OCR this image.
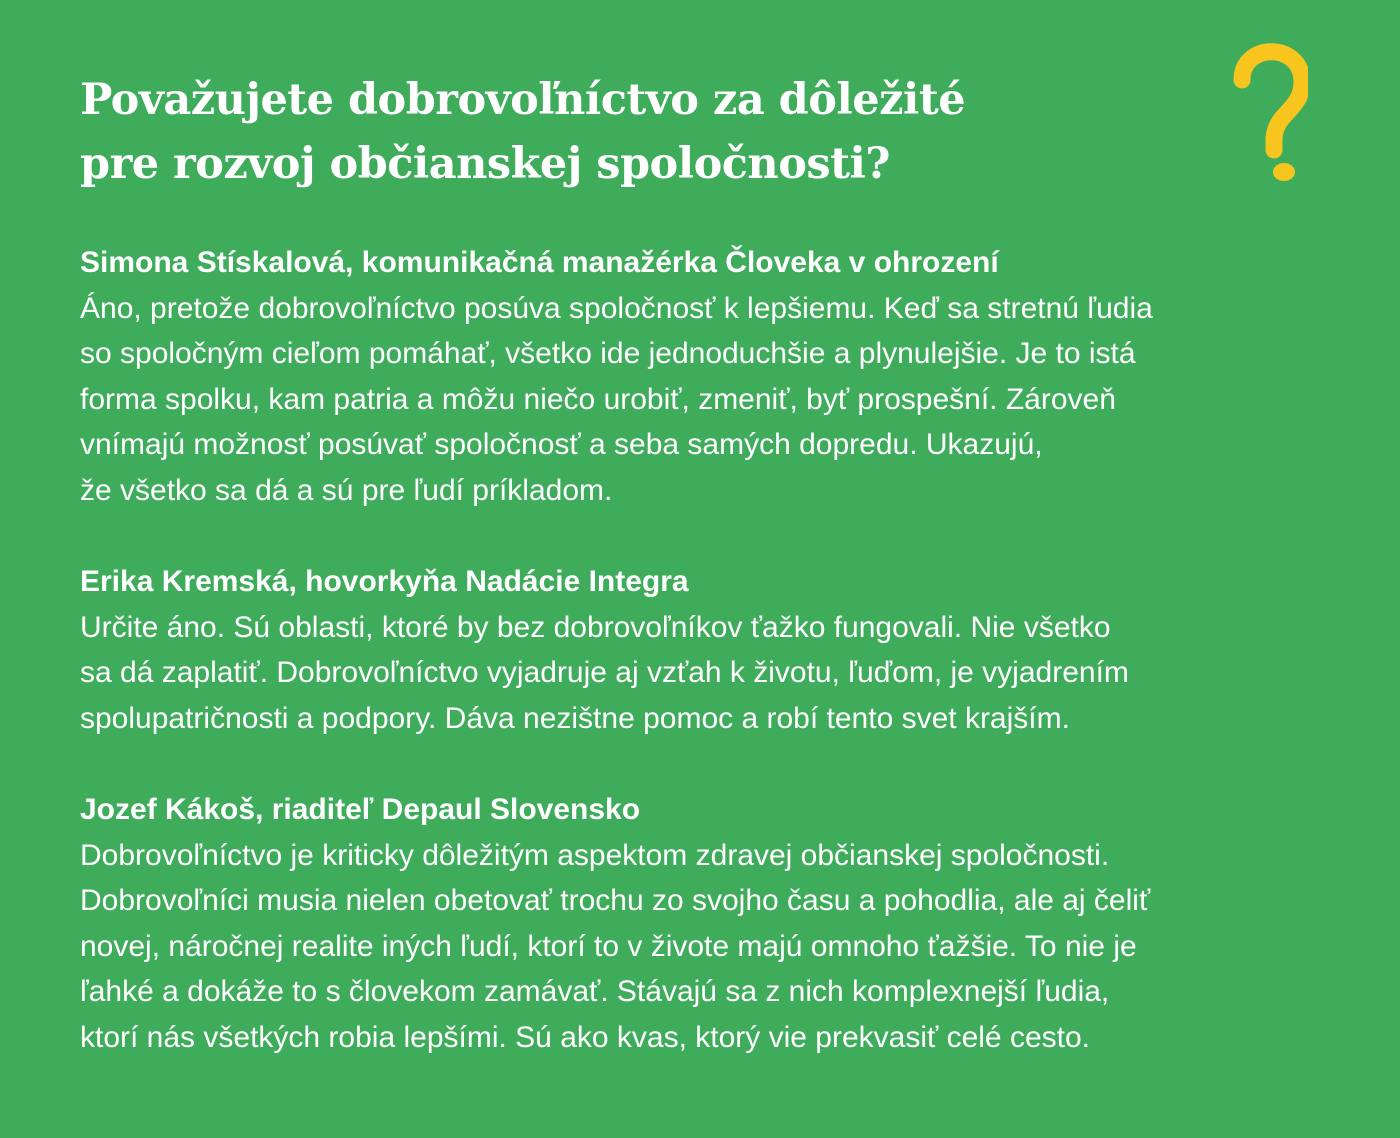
Považujete dobrovoľníctvo za dôležité
pre rozvoj občianskej spoločnosti?

Simona Stískalová, komunikačná manažérka Človeka v ohrození
Áno, pretože dobrovoľníctvo posúva spoločnosť k lepšiemu. Keď sa stretnú ľudia
so spoločným cieľom pomáhať, všetko ide jednoduchšie a plynulejšie. Je to istá
forma spolku, kam patria a môžu niečo urobiť, zmeniť, byť prospešní. Zároveň
vnímajú možnosť posúvať spoločnosť a seba samých dopredu. Ukazujú,
že všetko sa dá a sú pre ľudí príkladom.

Erika Kremská, hovorkyňa Nadácie Integra
Určite áno. Sú oblasti, ktoré by bez dobrovoľníkov ťažko fungovali. Nie všetko
sa dá zaplatiť. Dobrovoľníctvo vyjadruje aj vzťah k životu, ľuďom, je vyjadrením
spolupatričnosti a podpory. Dáva nezištne pomoc a robí tento svet krajším.

Jozef Kákoš, riaditeľ Depaul Slovensko
Dobrovoľníctvo je kriticky dôležitým aspektom zdravej občianskej spoločnosti.
Dobrovoľníci musia nielen obetovať trochu zo svojho času a pohodlia, ale aj čeliť
novej, náročnej realite iných ľudí, ktorí to v živote majú omnoho ťažšie. To nie je
ľahké a dokáže to s človekom zamávať. Stávajú sa z nich komplexnejší ľudia,
ktorí nás všetkých robia lepšími. Sú ako kvas, ktorý vie prekvasiť celé cesto.
